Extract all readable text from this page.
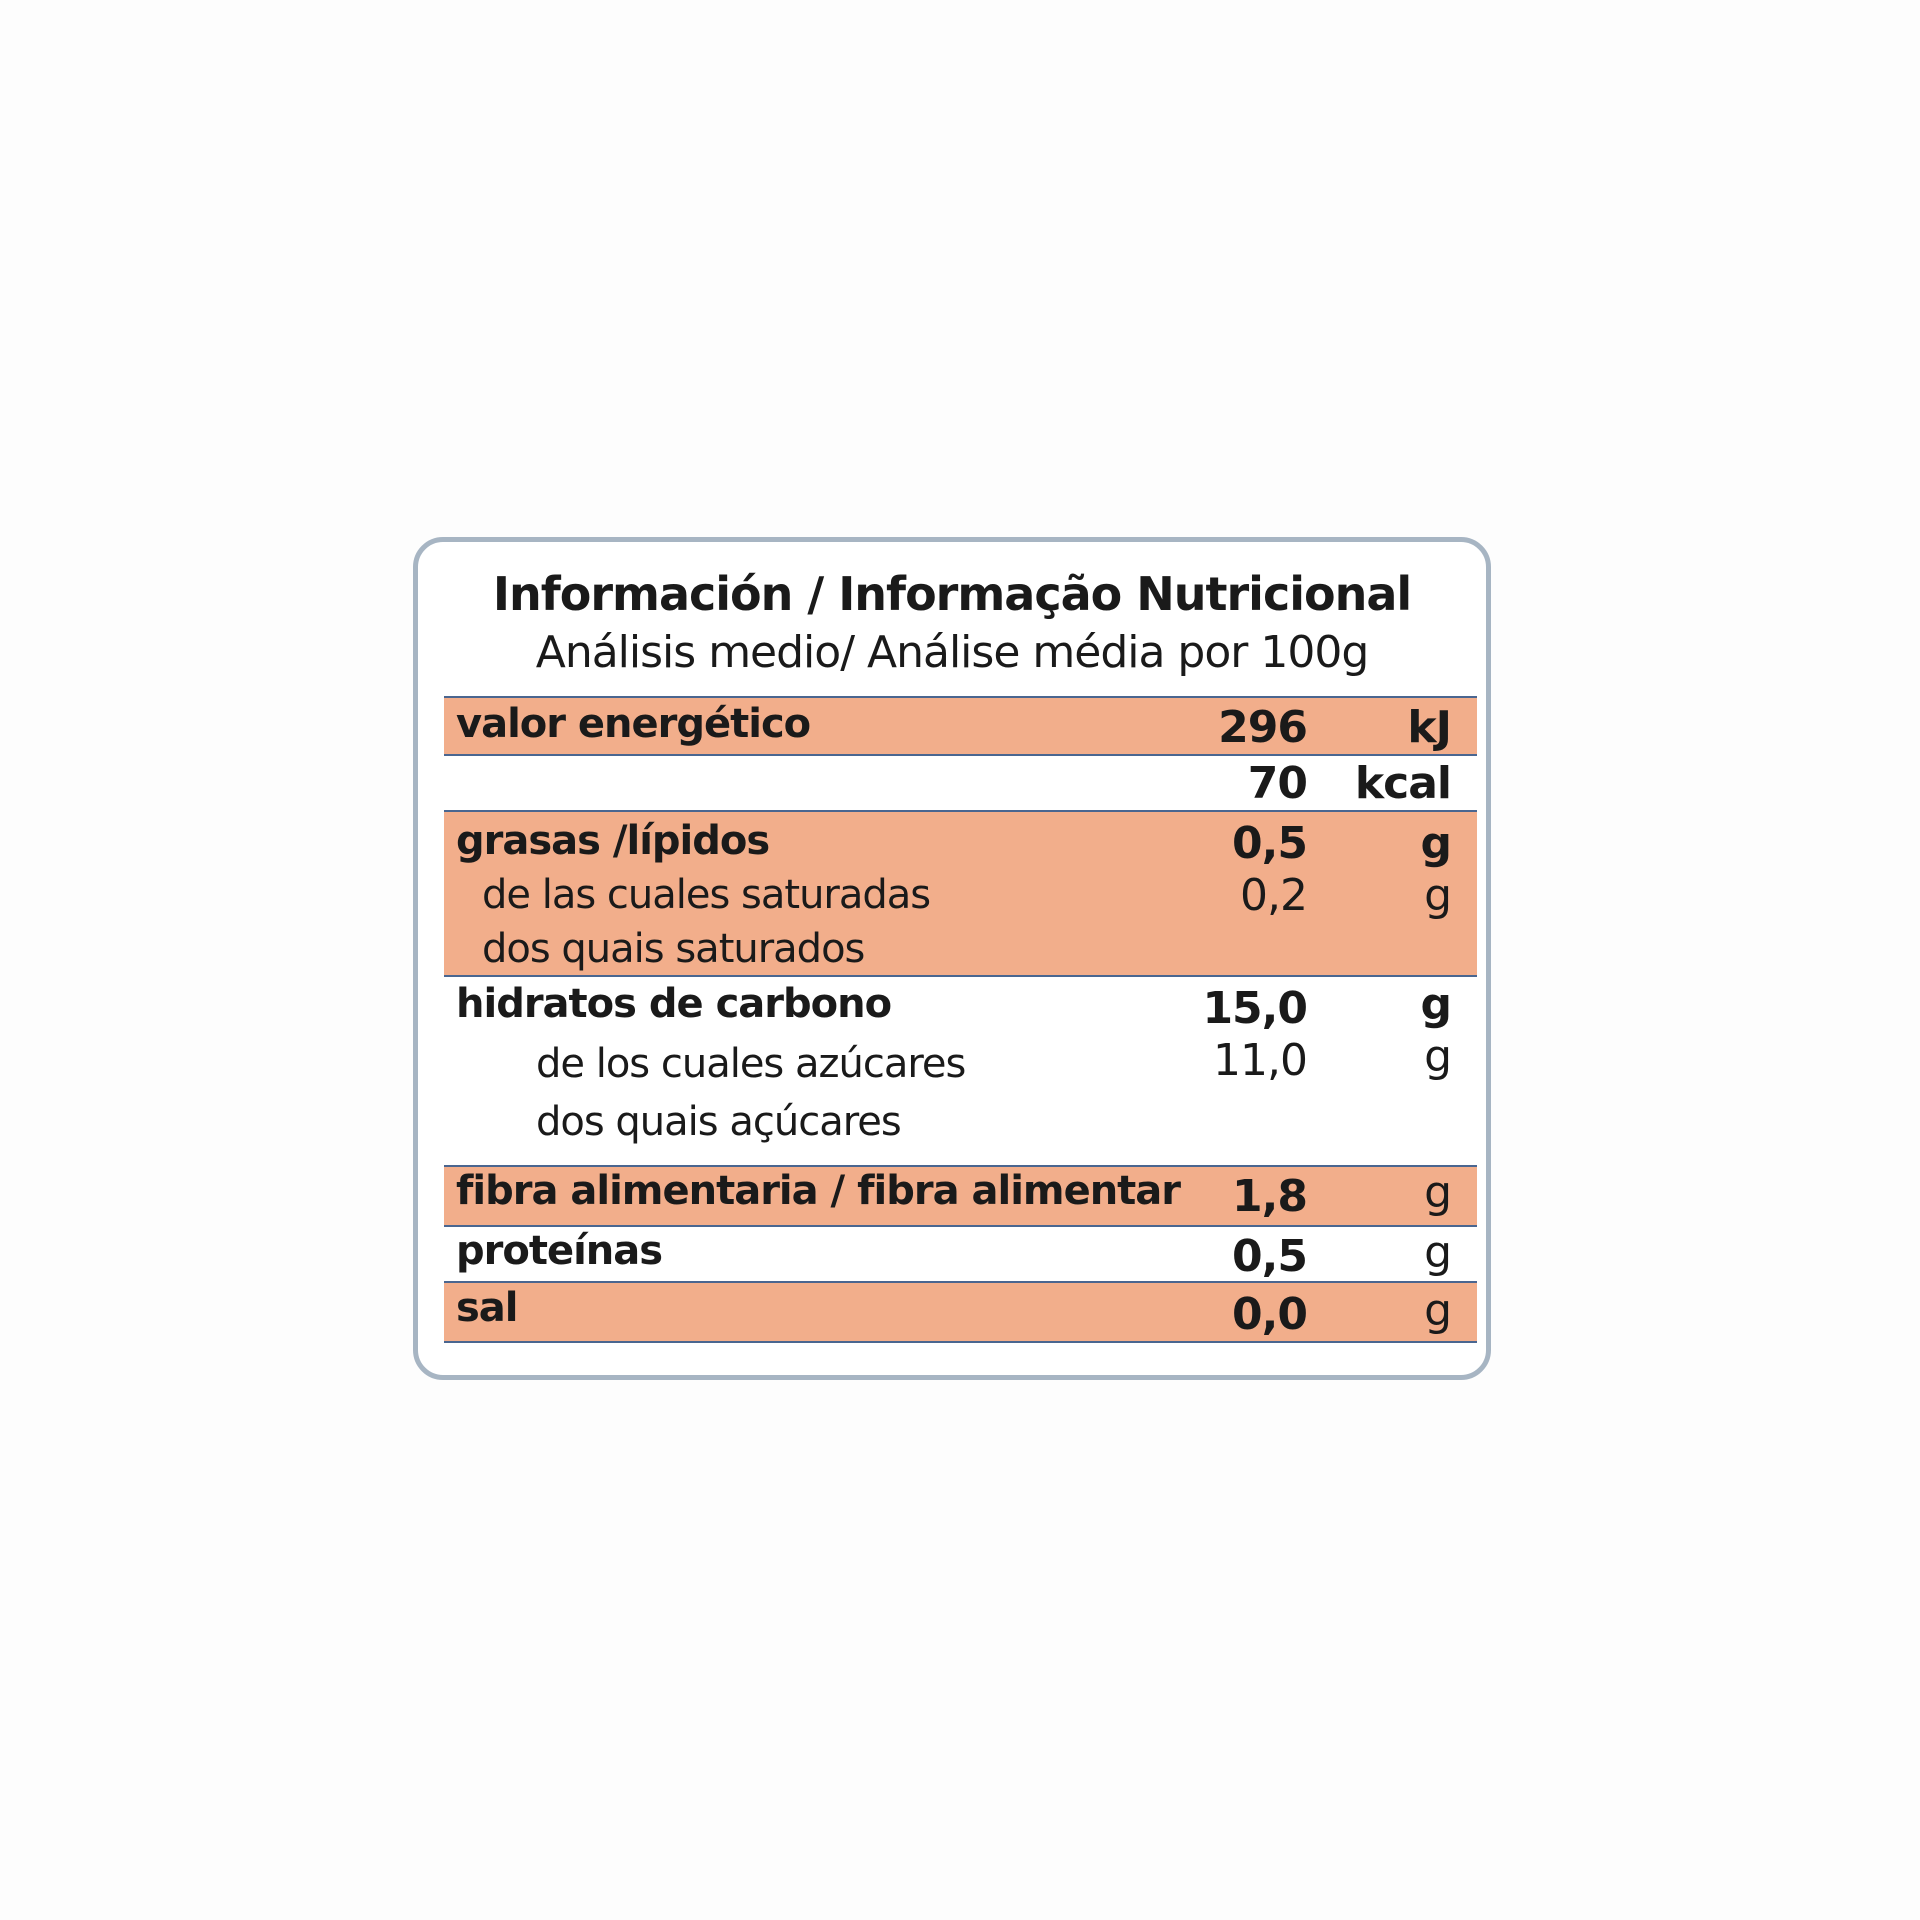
Información / Informação Nutricional
Análisis medio/ Análise média por 100g
valor energético	296 kJ
70 kcal
grasas /lípidos	0,5	g
de las cuales saturadas	0,2	g
dos quais saturados
hidratos de carbono	15,0	g
de los cuales azúcares	11,0	g
dos quais açúcares
fibra alimentaria / fibra alimentar 1,8	g
proteínas	0,5	g
sal	0,0	g
